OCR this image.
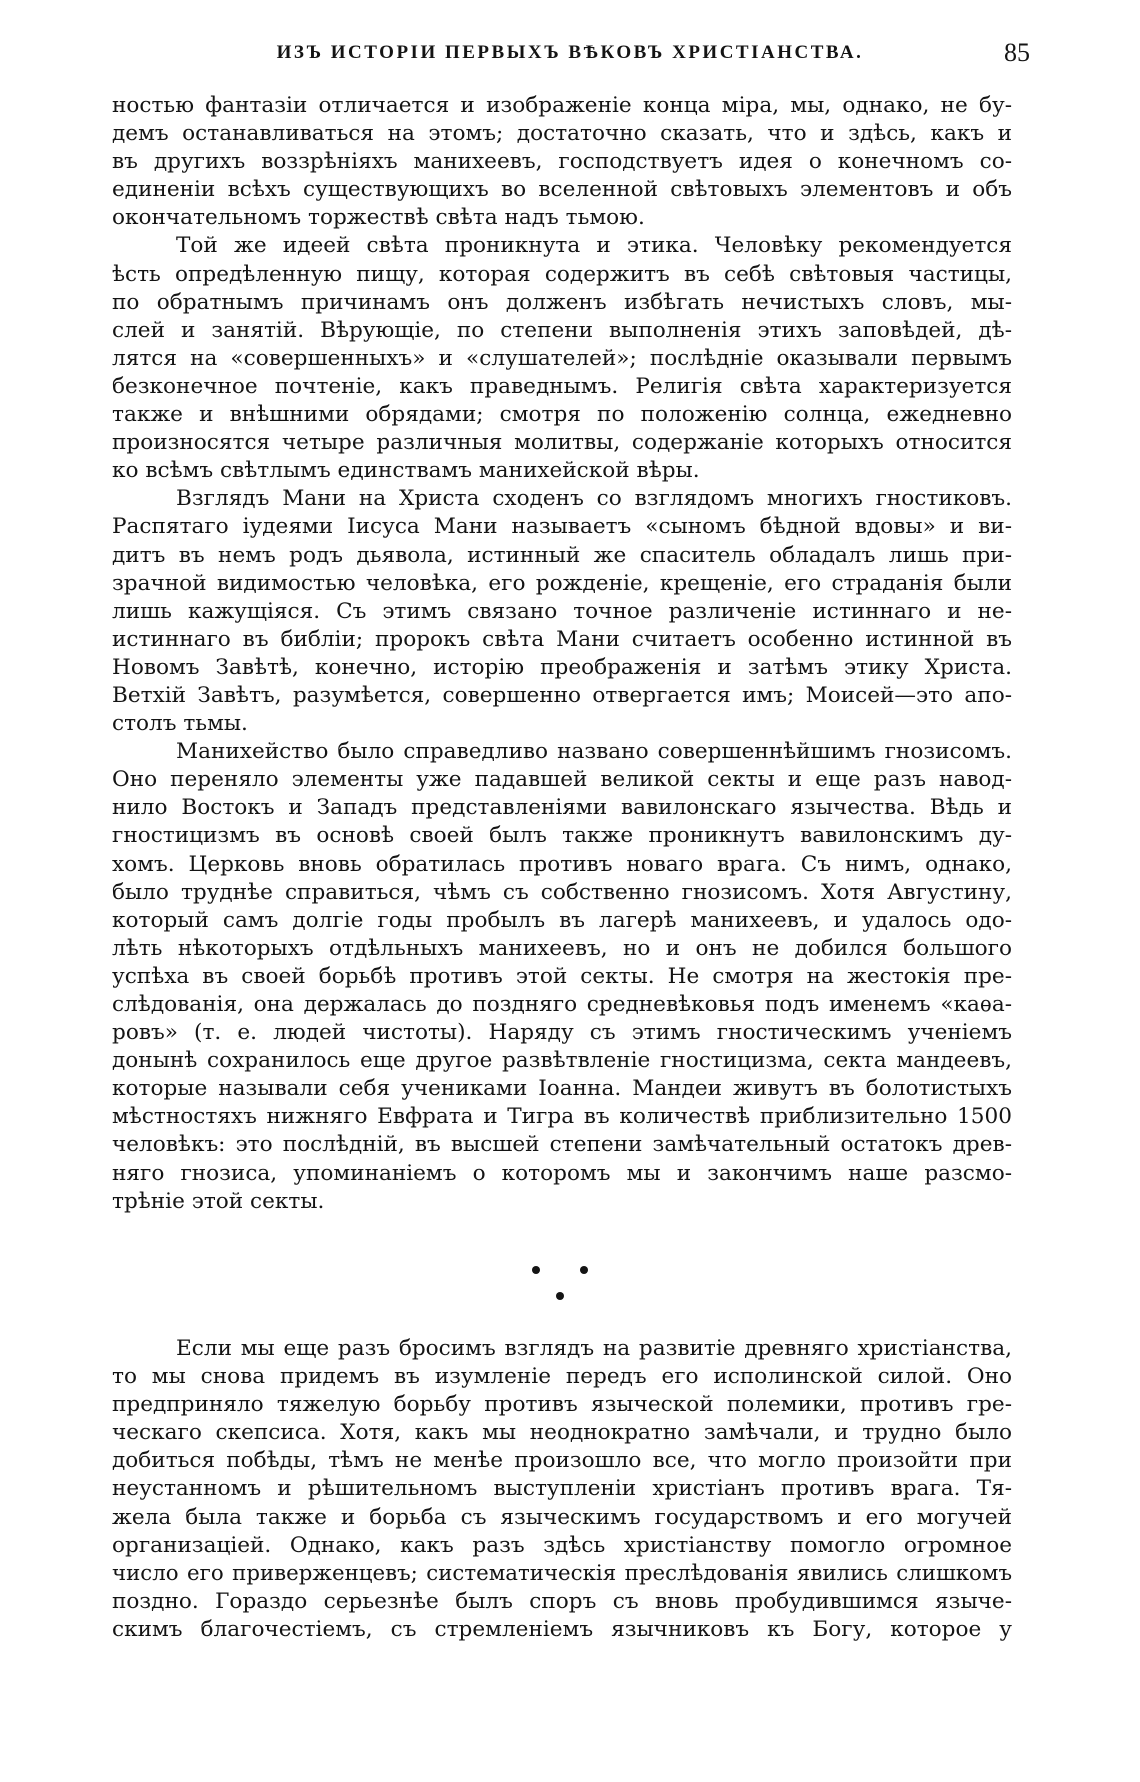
ИЗЪ ИСТОРІИ ПЕРВЫХЪ ВѢКОВЪ ХРИСТІАНСТВА.	85
ностью фантазіи отличается и изображеніе конца міра, мы, однако, не бу-
демъ останавливаться на этомъ; достаточно сказать, что и здѣсь, какъ и
въ другихъ воззрѣніяхъ манихеевъ, господствуетъ идея о конечномъ со-
единеніи всѣхъ существующихъ во вселенной свѣтовыхъ элементовъ и объ
окончательномъ торжествѣ свѣта надъ тьмою.
Той же идеей свѣта проникнута и этика. Человѣку рекомендуется
ѣсть опредѣленную пищу, которая содержитъ въ себѣ свѣтовыя частицы,
по обратнымъ причинамъ онъ долженъ избѣгать нечистыхъ словъ, мы-
слей и занятій. Вѣрующіе, по степени выполненія этихъ заповѣдей, дѣ-
лятся на «совершенныхъ» и «слушателей»; послѣдніе оказывали первымъ
безконечное почтеніе, какъ праведнымъ. Религія свѣта характеризуется
также и внѣшними обрядами; смотря по положенію солнца, ежедневно
произносятся четыре различныя молитвы, содержаніе которыхъ относится
ко всѣмъ свѣтлымъ единствамъ манихейской вѣры.
Взглядъ Мани на Христа сходенъ со взглядомъ многихъ гностиковъ.
Распятаго іудеями Іисуса Мани называетъ «сыномъ бѣдной вдовы» и ви-
дитъ въ немъ родъ дьявола, истинный же спаситель обладалъ лишь при-
зрачной видимостью человѣка, его рожденіе, крещеніе, его страданія были
лишь кажущіяся. Съ этимъ связано точное различеніе истиннаго и не-
истиннаго въ библіи; пророкъ свѣта Мани считаетъ особенно истинной въ
Новомъ Завѣтѣ, конечно, исторію преображенія и затѣмъ этику Христа.
Ветхій Завѣтъ, разумѣется, совершенно отвергается имъ; Моисей—это апо-
столъ тьмы.
Манихейство было справедливо названо совершеннѣйшимъ гнозисомъ.
Оно переняло элементы уже падавшей великой секты и еще разъ навод-
нило Востокъ и Западъ представленіями вавилонскаго язычества. Вѣдь и
гностицизмъ въ основѣ своей былъ также проникнутъ вавилонскимъ ду-
хомъ. Церковь вновь обратилась противъ новаго врага. Съ нимъ, однако,
было труднѣе справиться, чѣмъ съ собственно гнозисомъ. Хотя Августину,
который самъ долгіе годы пробылъ въ лагерѣ манихеевъ, и удалось одо-
лѣть нѣкоторыхъ отдѣльныхъ манихеевъ, но и онъ не добился большого
успѣха въ своей борьбѣ противъ этой секты. Не смотря на жестокія пре-
слѣдованія, она держалась до поздняго средневѣковья подъ именемъ «каѳа-
ровъ» (т. е. людей чистоты). Наряду съ этимъ гностическимъ ученіемъ
донынѣ сохранилось еще другое развѣтвленіе гностицизма, секта мандеевъ,
которые называли себя учениками Іоанна. Мандеи живутъ въ болотистыхъ
мѣстностяхъ нижняго Евфрата и Тигра въ количествѣ приблизительно 1500
человѣкъ: это послѣдній, въ высшей степени замѣчательный остатокъ древ-
няго гнозиса, упоминаніемъ о которомъ мы и закончимъ наше разсмо-
трѣніе этой секты.
Если мы еще разъ бросимъ взглядъ на развитіе древняго христіанства,
то мы снова придемъ въ изумленіе передъ его исполинской силой. Оно
предприняло тяжелую борьбу противъ языческой полемики, противъ гре-
ческаго скепсиса. Хотя, какъ мы неоднократно замѣчали, и трудно было
добиться побѣды, тѣмъ не менѣе произошло все, что могло произойти при
неустанномъ и рѣшительномъ выступленіи христіанъ противъ врага. Тя-
жела была также и борьба съ языческимъ государствомъ и его могучей
организаціей. Однако, какъ разъ здѣсь христіанству помогло огромное
число его приверженцевъ; систематическія преслѣдованія явились слишкомъ
поздно. Гораздо серьезнѣе былъ споръ съ вновь пробудившимся языче-
скимъ благочестіемъ, съ стремленіемъ язычниковъ къ Богу, которое у
